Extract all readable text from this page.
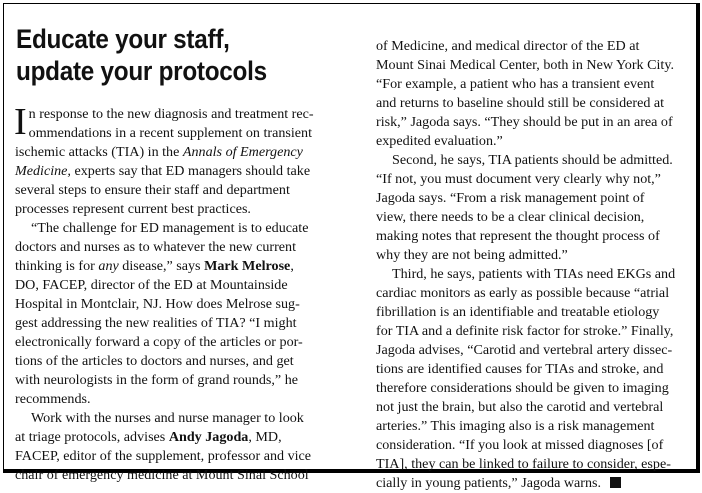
Educate your staff,
update your protocols
I n response to the new diagnosis and treatment rec-
ommendations in a recent supplement on transient
ischemic attacks (TIA) in the Annals of Emergency
Medicine, experts say that ED managers should take
several steps to ensure their staff and department
processes represent current best practices.
“The challenge for ED management is to educate
doctors and nurses as to whatever the new current
thinking is for any disease,” says Mark Melrose,
DO, FACEP, director of the ED at Mountainside
Hospital in Montclair, NJ. How does Melrose sug-
gest addressing the new realities of TIA? “I might
electronically forward a copy of the articles or por-
tions of the articles to doctors and nurses, and get
with neurologists in the form of grand rounds,” he
recommends.
Work with the nurses and nurse manager to look
at triage protocols, advises Andy Jagoda, MD,
FACEP, editor of the supplement, professor and vice
chair of emergency medicine at Mount Sinai School
of Medicine, and medical director of the ED at
Mount Sinai Medical Center, both in New York City.
“For example, a patient who has a transient event
and returns to baseline should still be considered at
risk,” Jagoda says. “They should be put in an area of
expedited evaluation.”
Second, he says, TIA patients should be admitted.
“If not, you must document very clearly why not,”
Jagoda says. “From a risk management point of
view, there needs to be a clear clinical decision,
making notes that represent the thought process of
why they are not being admitted.”
Third, he says, patients with TIAs need EKGs and
cardiac monitors as early as possible because “atrial
fibrillation is an identifiable and treatable etiology
for TIA and a definite risk factor for stroke.” Finally,
Jagoda advises, “Carotid and vertebral artery dissec-
tions are identified causes for TIAs and stroke, and
therefore considerations should be given to imaging
not just the brain, but also the carotid and vertebral
arteries.” This imaging also is a risk management
consideration. “If you look at missed diagnoses [of
TIA], they can be linked to failure to consider, espe-
cially in young patients,” Jagoda warns.
